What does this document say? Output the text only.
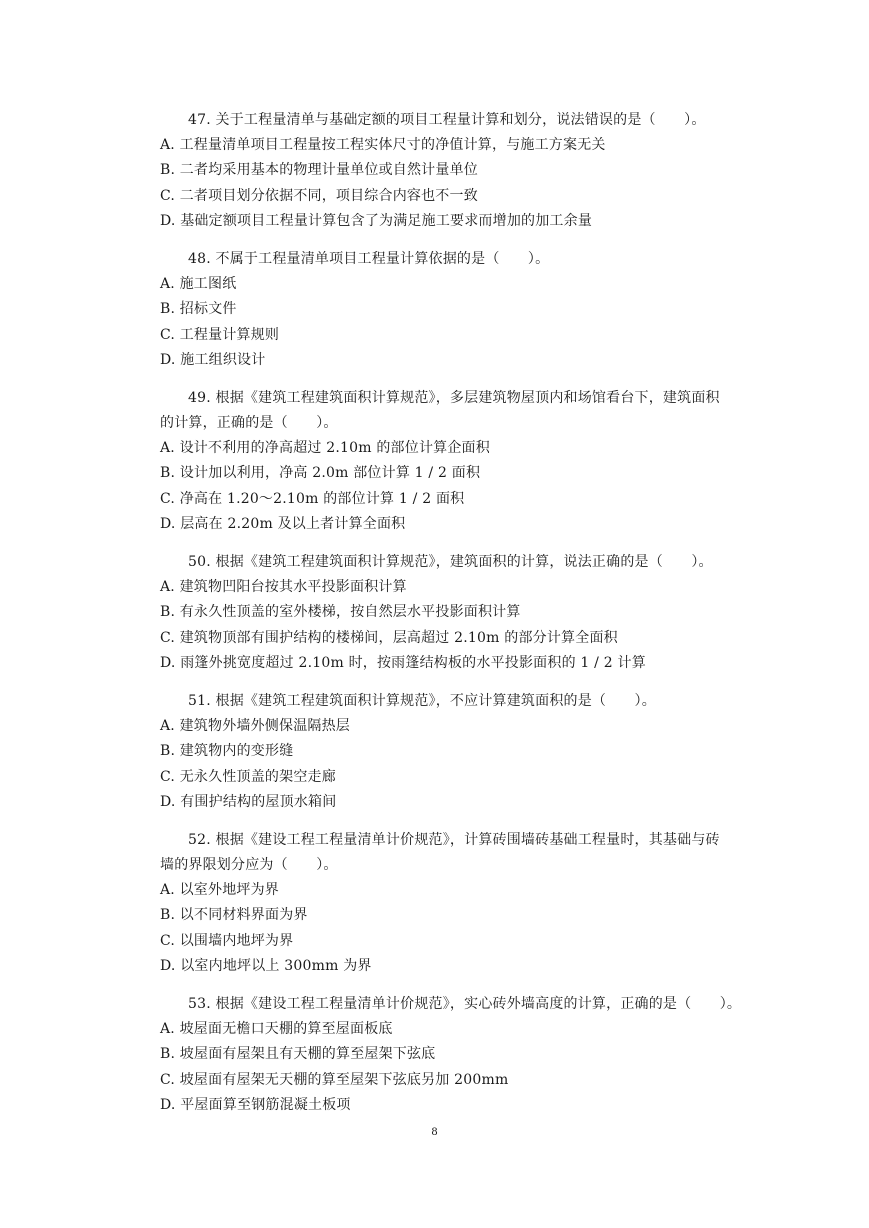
47. 关于工程量清单与基础定额的项目工程量计算和划分，说法错误的是（　　）。
A. 工程量清单项目工程量按工程实体尺寸的净值计算，与施工方案无关
B. 二者均采用基本的物理计量单位或自然计量单位
C. 二者项目划分依据不同，项目综合内容也不一致
D. 基础定额项目工程量计算包含了为满足施工要求而增加的加工余量
48. 不属于工程量清单项目工程量计算依据的是（　　）。
A. 施工图纸
B. 招标文件
C. 工程量计算规则
D. 施工组织设计
49. 根据《建筑工程建筑面积计算规范》，多层建筑物屋顶内和场馆看台下，建筑面积
的计算，正确的是（　　）。
A. 设计不利用的净高超过 2.10m 的部位计算企面积
B. 设计加以利用，净高 2.0m 部位计算 1 / 2 面积
C. 净高在 1.20～2.10m 的部位计算 1 / 2 面积
D. 层高在 2.20m 及以上者计算全面积
50. 根据《建筑工程建筑面积计算规范》，建筑面积的计算，说法正确的是（　　）。
A. 建筑物凹阳台按其水平投影面积计算
B. 有永久性顶盖的室外楼梯，按自然层水平投影面积计算
C. 建筑物顶部有围护结构的楼梯间，层高超过 2.10m 的部分计算全面积
D. 雨篷外挑宽度超过 2.10m 时，按雨篷结构板的水平投影面积的 1 / 2 计算
51. 根据《建筑工程建筑面积计算规范》，不应计算建筑面积的是（　　）。
A. 建筑物外墙外侧保温隔热层
B. 建筑物内的变形缝
C. 无永久性顶盖的架空走廊
D. 有围护结构的屋顶水箱间
52. 根据《建设工程工程量清单计价规范》，计算砖围墙砖基础工程量时，其基础与砖
墙的界限划分应为（　　）。
A. 以室外地坪为界
B. 以不同材料界面为界
C. 以围墙内地坪为界
D. 以室内地坪以上 300mm 为界
53. 根据《建设工程工程量清单计价规范》，实心砖外墙高度的计算，正确的是（　　）。
A. 坡屋面无檐口天棚的算至屋面板底
B. 坡屋面有屋架且有天棚的算至屋架下弦底
C. 坡屋面有屋架无天棚的算至屋架下弦底另加 200mm
D. 平屋面算至钢筋混凝土板项
8
